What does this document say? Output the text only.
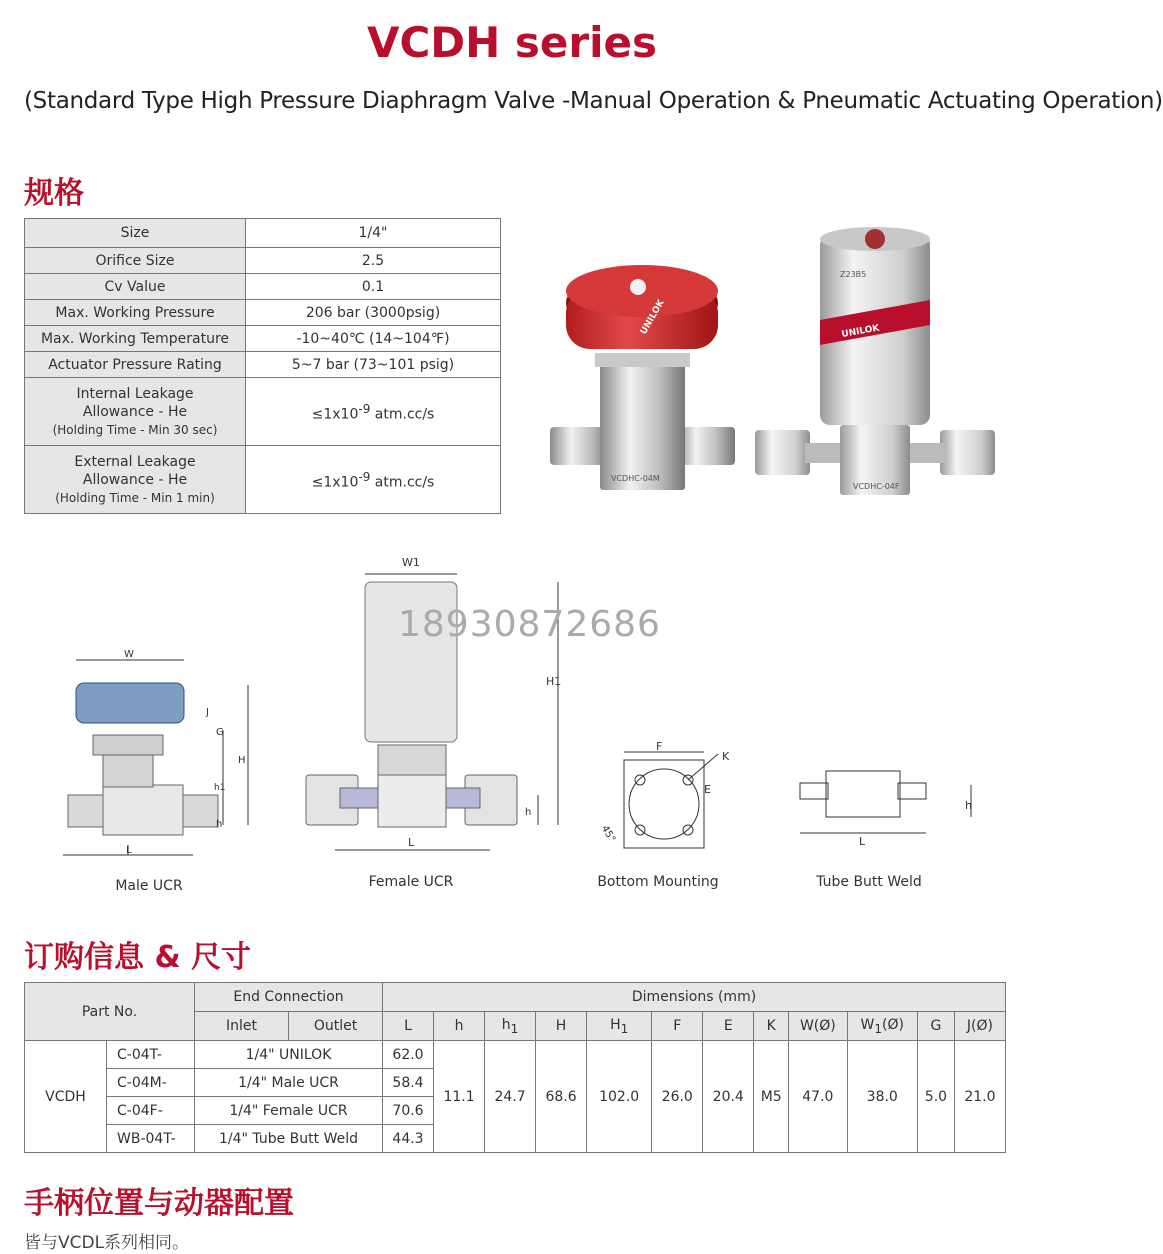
VCDH series
(Standard Type High Pressure Diaphragm Valve -Manual Operation & Pneumatic Actuating Operation)
规格
Size	1/4"
Orifice Size	2.5
Cv Value	0.1
Max. Working Pressure	206 bar (3000psig)
Max. Working Temperature	-10~40℃ (14~104℉)
Actuator Pressure Rating	5~7 bar (73~101 psig)

Internal Leakage
Allowance - He
(Holding Time - Min 30 sec)	$\le 1x10^{-9}$ atm.cc/s

External Leakage
Allowance - He
(Holding Time - Min 1 min)	$\le 1x10^{-9}$ atm.cc/s	VCDHC-04M
UNILOK	UNILOK
Z23B5
VCDHC-04F
W
J
G
H
h1
h
L
Male UCR
W1
H1
h
L
Female UCR
F
K
E
45°
Bottom Mounting
L
h
Tube Butt Weld
18930872686
订购信息 & 尺寸
Part No.		End Connection		Dimensions (mm)											
		Inlet	Outlet	L	h	$h_1$	H	$H_1$	F	E	K	W(Ø)	$W_1(Ø)$	G	J(Ø)
VCDH	C-04T-	1/4" UNILOK		62.0	11.1	24.7	68.6	102.0	26.0	20.4	M5	47.0	38.0	5.0	21.0
	C-04M-	1/4" Male UCR		58.4											
	C-04F-	1/4" Female UCR		70.6											
	WB-04T-	1/4" Tube Butt Weld		44.3											
手柄位置与动器配置
皆与VCDL系列相同。
